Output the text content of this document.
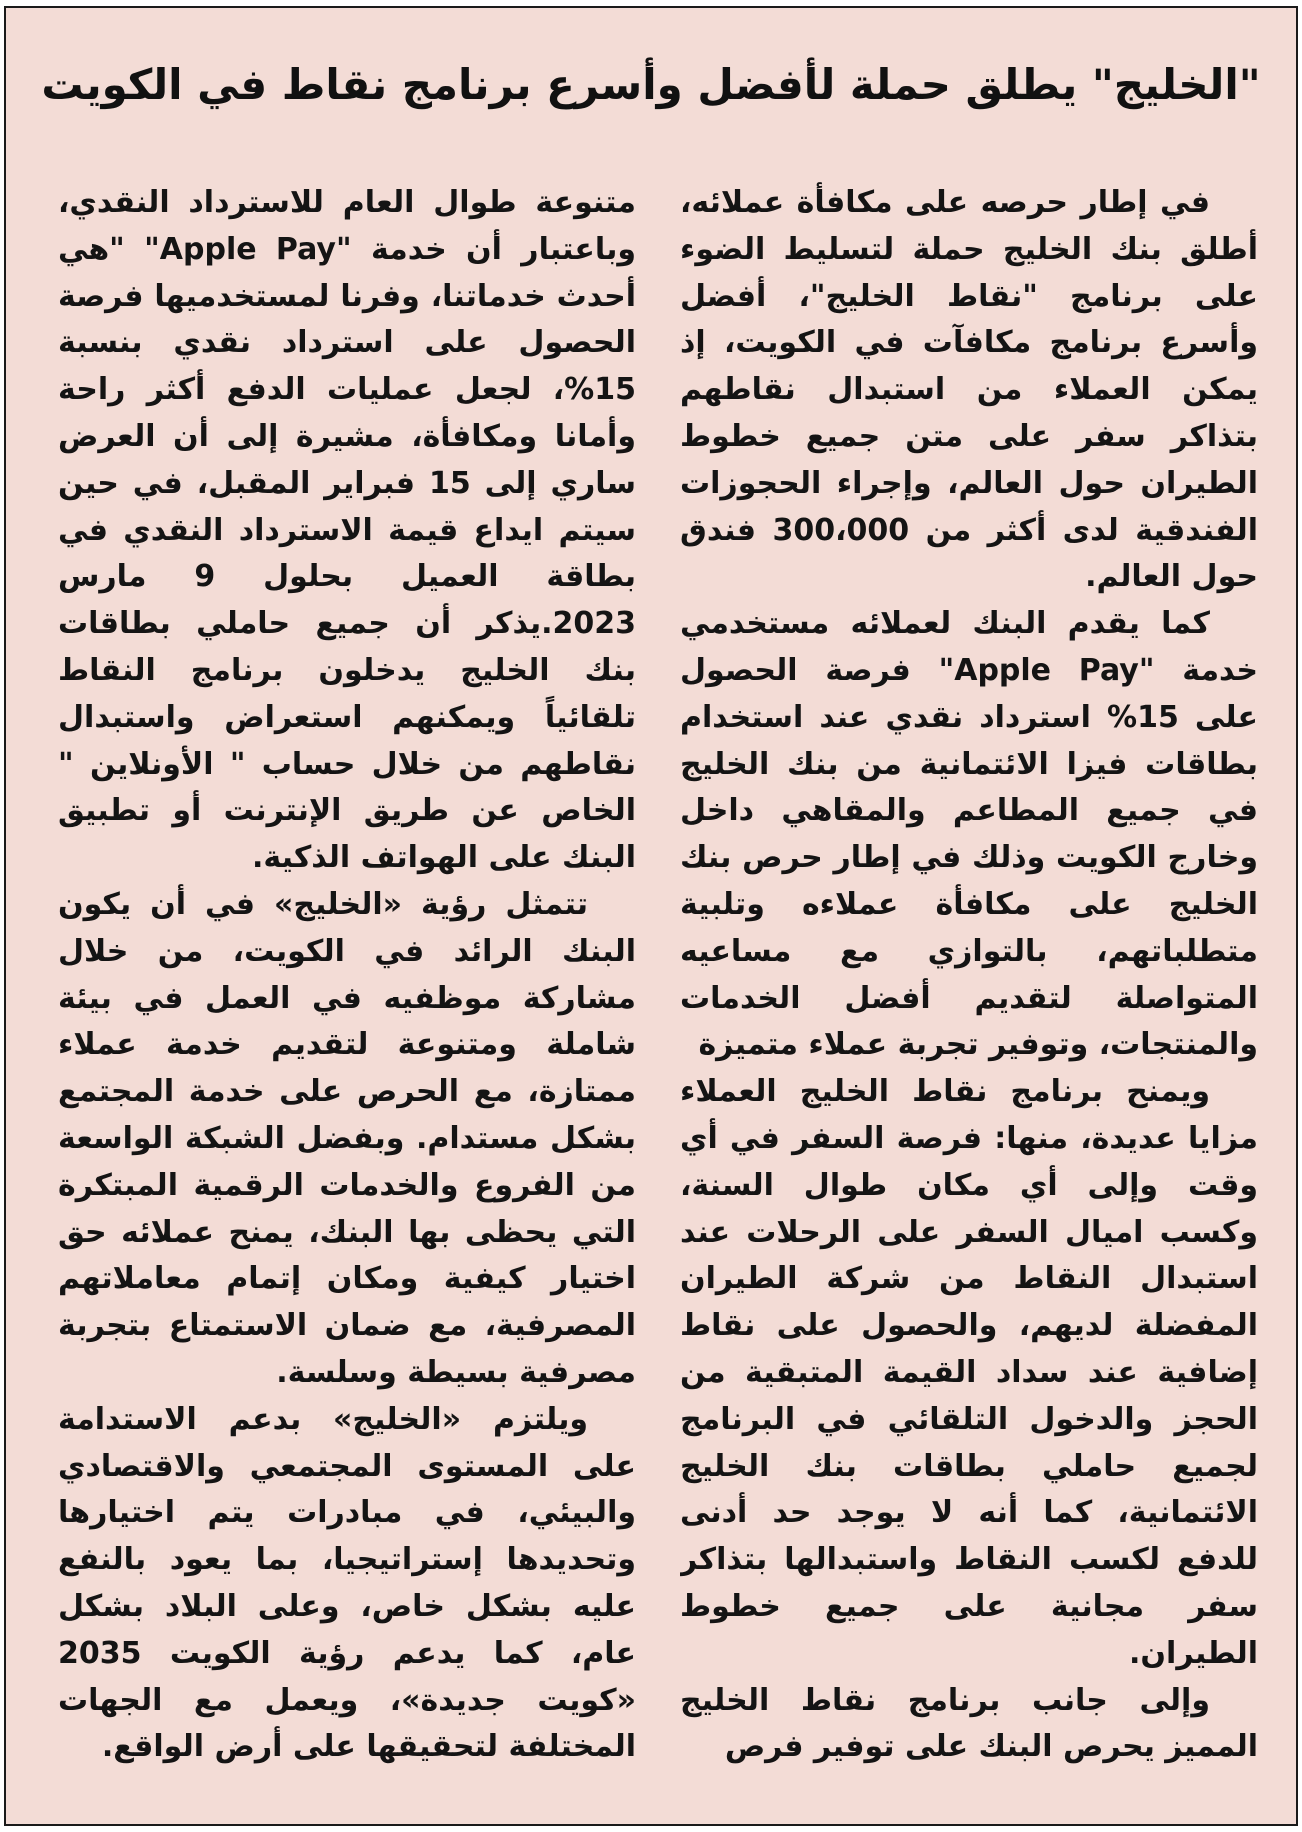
"الخليج" يطلق حملة لأفضل وأسرع برنامج نقاط في الكويت

في إطار حرصه على مكافأة عملائه، أطلق بنك الخليج حملة لتسليط الضوء على برنامج "نقاط الخليج"، أفضل وأسرع برنامج مكافآت في الكويت، إذ يمكن العملاء من استبدال نقاطهم بتذاكر سفر على متن جميع خطوط الطيران حول العالم، وإجراء الحجوزات الفندقية لدى أكثر من 300،000 فندق حول العالم.

كما يقدم البنك لعملائه مستخدمي خدمة "Apple Pay" فرصة الحصول على 15% استرداد نقدي عند استخدام بطاقات فيزا الائتمانية من بنك الخليج في جميع المطاعم والمقاهي داخل وخارج الكويت وذلك في إطار حرص بنك الخليج على مكافأة عملاءه وتلبية متطلباتهم، بالتوازي مع مساعيه المتواصلة لتقديم أفضل الخدمات والمنتجات، وتوفير تجربة عملاء متميزة

ويمنح برنامج نقاط الخليج العملاء مزايا عديدة، منها: فرصة السفر في أي وقت وإلى أي مكان طوال السنة، وكسب اميال السفر على الرحلات عند استبدال النقاط من شركة الطيران المفضلة لديهم، والحصول على نقاط إضافية عند سداد القيمة المتبقية من الحجز والدخول التلقائي في البرنامج لجميع حاملي بطاقات بنك الخليج الائتمانية، كما أنه لا يوجد حد أدنى للدفع لكسب النقاط واستبدالها بتذاكر سفر مجانية على جميع خطوط الطيران.

وإلى جانب برنامج نقاط الخليج المميز يحرص البنك على توفير فرص

متنوعة طوال العام للاسترداد النقدي، وباعتبار أن خدمة "Apple Pay" "هي أحدث خدماتنا، وفرنا لمستخدميها فرصة الحصول على استرداد نقدي بنسبة 15%، لجعل عمليات الدفع أكثر راحة وأمانا ومكافأة، مشيرة إلى أن العرض ساري إلى 15 فبراير المقبل، في حين سيتم ايداع قيمة الاسترداد النقدي في بطاقة العميل بحلول 9 مارس 2023.يذكر أن جميع حاملي بطاقات بنك الخليج يدخلون برنامج النقاط تلقائياً ويمكنهم استعراض واستبدال نقاطهم من خلال حساب " الأونلاين " الخاص عن طريق الإنترنت أو تطبيق البنك على الهواتف الذكية.

تتمثل رؤية «الخليج» في أن يكون البنك الرائد في الكويت، من خلال مشاركة موظفيه في العمل في بيئة شاملة ومتنوعة لتقديم خدمة عملاء ممتازة، مع الحرص على خدمة المجتمع بشكل مستدام. وبفضل الشبكة الواسعة من الفروع والخدمات الرقمية المبتكرة التي يحظى بها البنك، يمنح عملائه حق اختيار كيفية ومكان إتمام معاملاتهم المصرفية، مع ضمان الاستمتاع بتجربة مصرفية بسيطة وسلسة.

ويلتزم «الخليج» بدعم الاستدامة على المستوى المجتمعي والاقتصادي والبيئي، في مبادرات يتم اختيارها وتحديدها إستراتيجيا، بما يعود بالنفع عليه بشكل خاص، وعلى البلاد بشكل عام، كما يدعم رؤية الكويت 2035 «كويت جديدة»، ويعمل مع الجهات المختلفة لتحقيقها على أرض الواقع.
